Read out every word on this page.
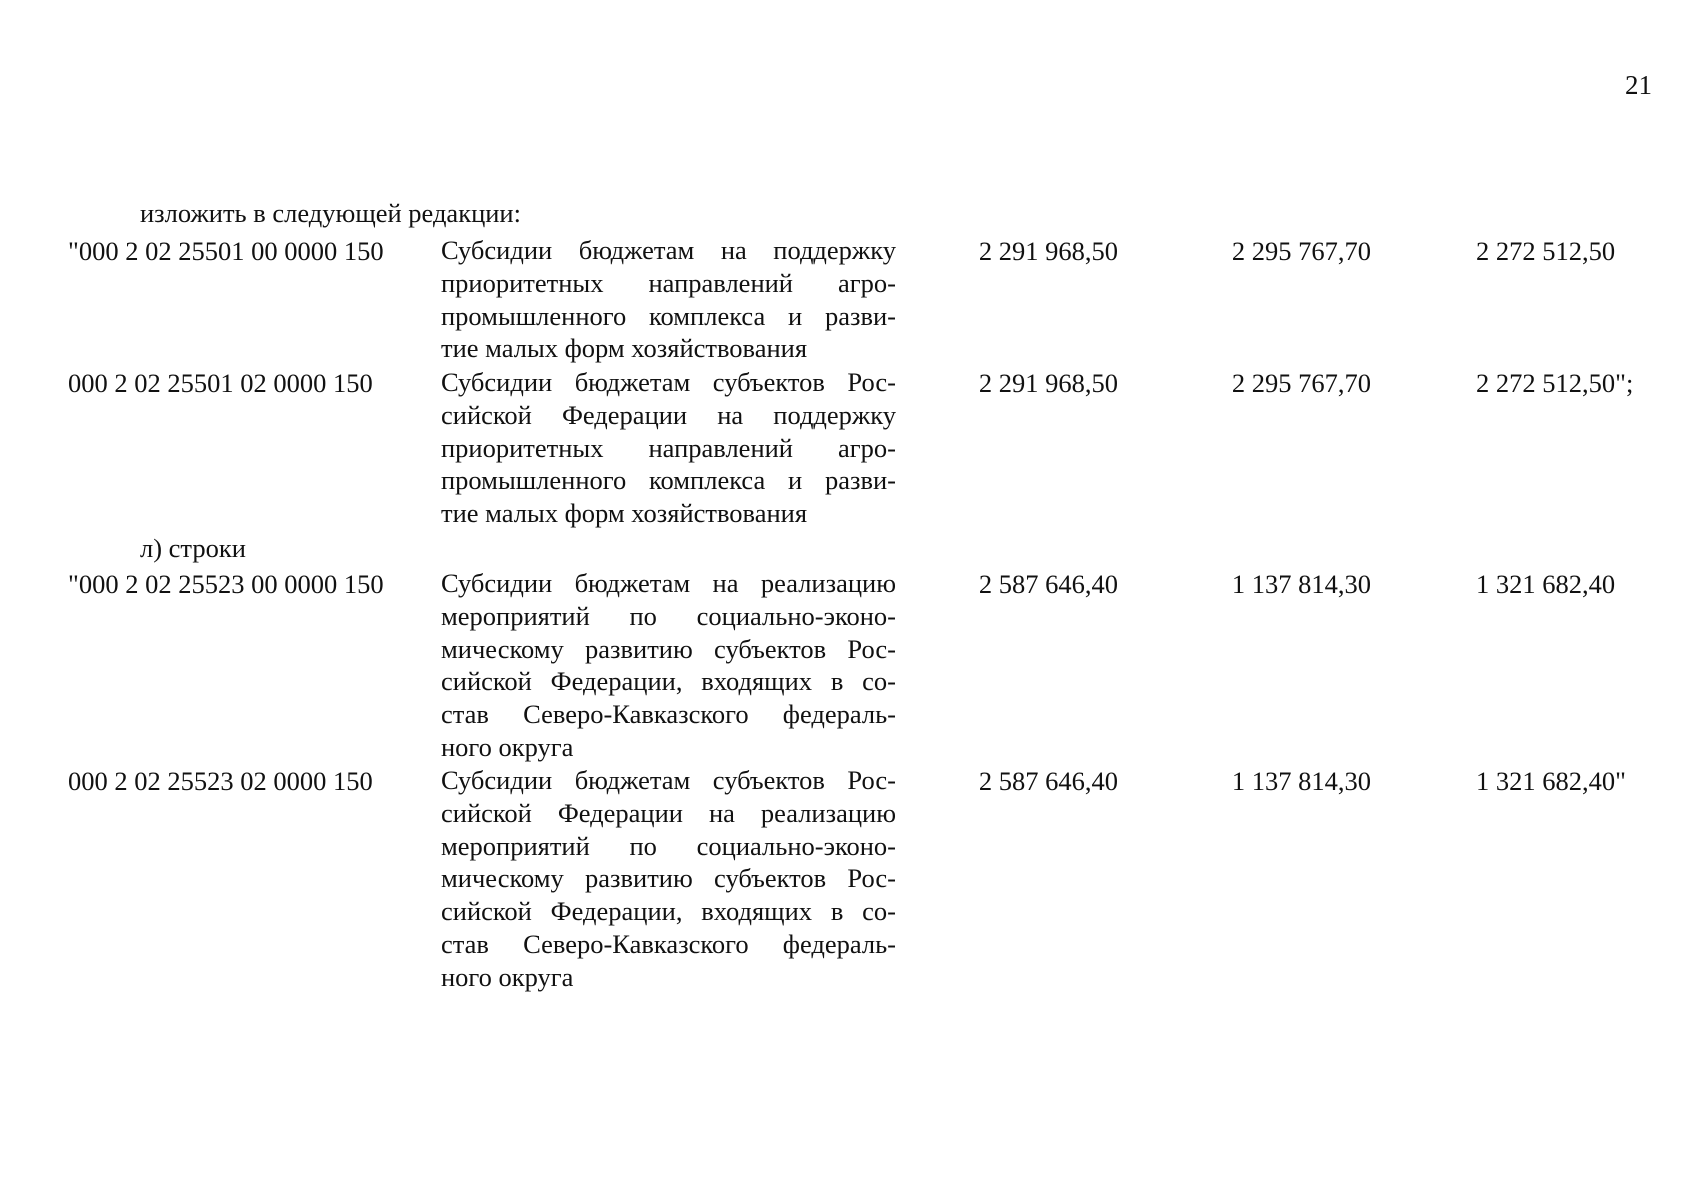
21
изложить в следующей редакции:
"000 2 02 25501 00 0000 150 Субсидии бюджетам на поддержку
приоритетных направлений агро-
промышленного комплекса и разви-
тие малых форм хозяйствования
2 291 968,50	2 295 767,70	2 272 512,50
000 2 02 25501 02 0000 150	Субсидии бюджетам субъектов Рос-
сийской Федерации на поддержку
приоритетных направлений агро-
промышленного комплекса и разви-
тие малых форм хозяйствования
2 291 968,50	2 295 767,70	2 272 512,50";
л) строки
"000 2 02 25523 00 0000 150 Субсидии бюджетам на реализацию
мероприятий по социально-эконо-
мическому развитию субъектов Рос-
сийской Федерации, входящих в со-
став Северо-Кавказского федераль-
ного округа
2 587 646,40	1 137 814,30	1 321 682,40
000 2 02 25523 02 0000 150	Субсидии бюджетам субъектов Рос-
сийской Федерации на реализацию
мероприятий по социально-эконо-
мическому развитию субъектов Рос-
сийской Федерации, входящих в со-
став Северо-Кавказского федераль-
ного округа
2 587 646,40	1 137 814,30	1 321 682,40"
